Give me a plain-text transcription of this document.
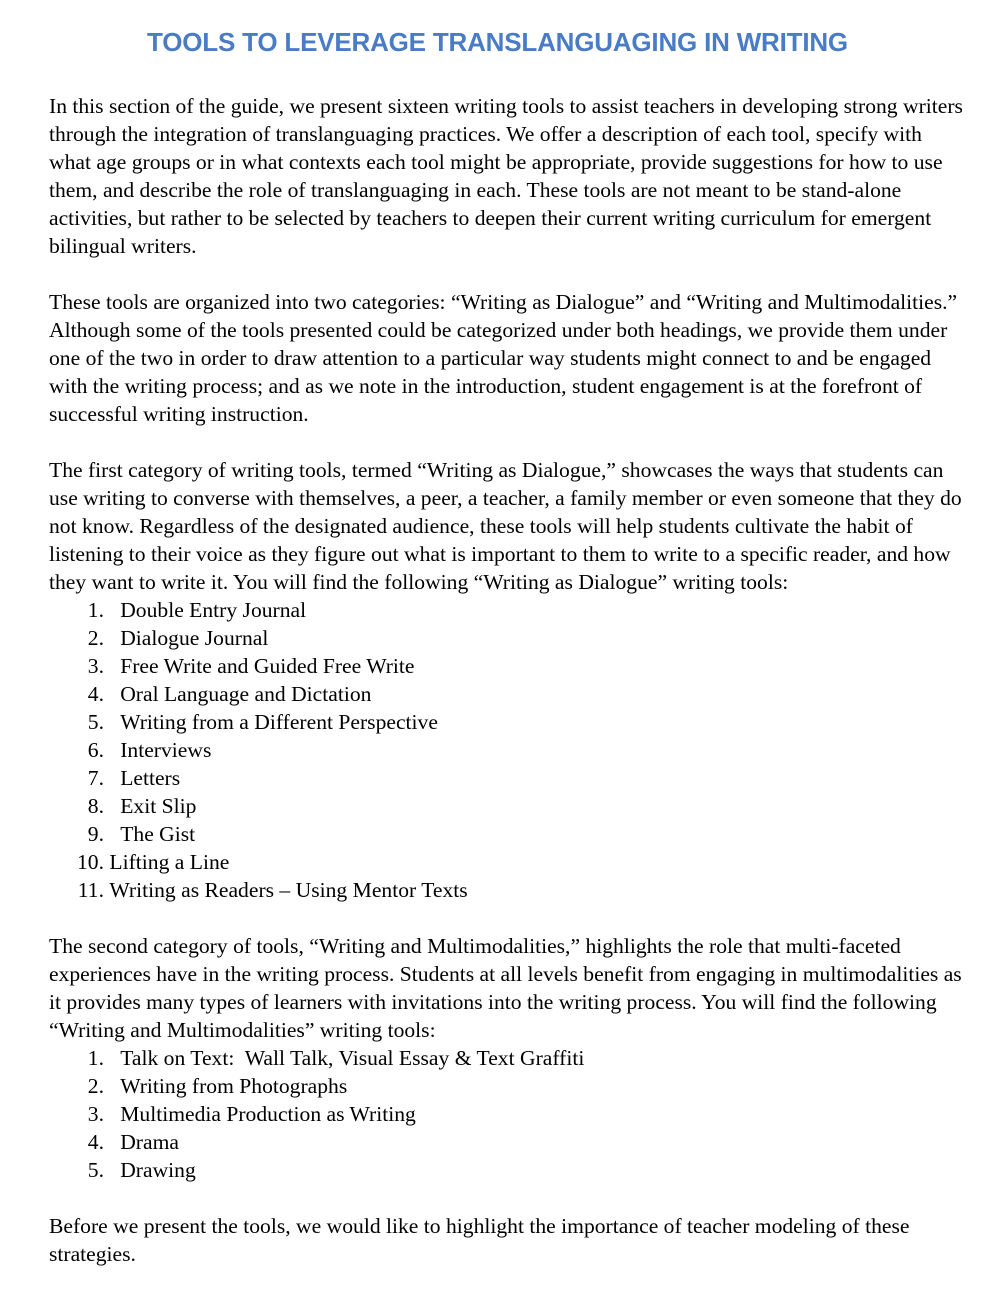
TOOLS TO LEVERAGE TRANSLANGUAGING IN WRITING

In this section of the guide, we present sixteen writing tools to assist teachers in developing strong writers through the integration of translanguaging practices. We offer a description of each tool, specify with what age groups or in what contexts each tool might be appropriate, provide suggestions for how to use them, and describe the role of translanguaging in each. These tools are not meant to be stand-alone activities, but rather to be selected by teachers to deepen their current writing curriculum for emergent bilingual writers.

These tools are organized into two categories: “Writing as Dialogue” and “Writing and Multimodalities.” Although some of the tools presented could be categorized under both headings, we provide them under one of the two in order to draw attention to a particular way students might connect to and be engaged with the writing process; and as we note in the introduction, student engagement is at the forefront of successful writing instruction.

The first category of writing tools, termed “Writing as Dialogue,” showcases the ways that students can use writing to converse with themselves, a peer, a teacher, a family member or even someone that they do not know. Regardless of the designated audience, these tools will help students cultivate the habit of listening to their voice as they figure out what is important to them to write to a specific reader, and how they want to write it. You will find the following “Writing as Dialogue” writing tools:

1.
Double Entry Journal
2.
Dialogue Journal
3.
Free Write and Guided Free Write
4.
Oral Language and Dictation
5.
Writing from a Different Perspective
6.
Interviews
7.
Letters
8.
Exit Slip
9.
The Gist
10.
Lifting a Line
11.
Writing as Readers – Using Mentor Texts

The second category of tools, “Writing and Multimodalities,” highlights the role that multi-faceted experiences have in the writing process. Students at all levels benefit from engaging in multimodalities as it provides many types of learners with invitations into the writing process. You will find the following “Writing and Multimodalities” writing tools:

1.
Talk on Text:  Wall Talk, Visual Essay & Text Graffiti
2.
Writing from Photographs
3.
Multimedia Production as Writing
4.
Drama
5.
Drawing

Before we present the tools, we would like to highlight the importance of teacher modeling of these strategies.
